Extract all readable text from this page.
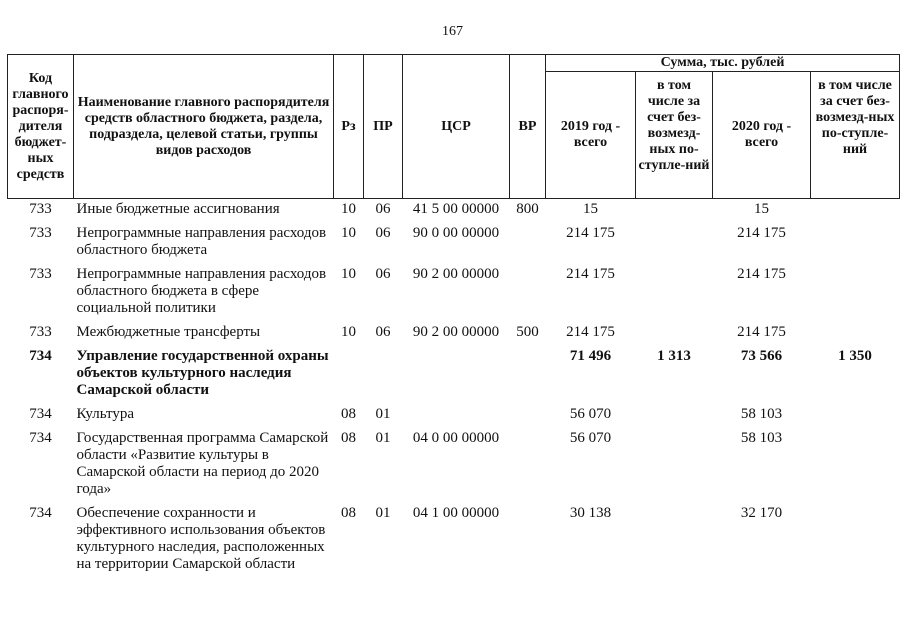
167
Код главного распоря-дителя бюджет-ных средств	Наименование главного распорядителя средств областного бюджета, раздела, подраздела, целевой статьи, группы видов расходов	Рз	ПР	ЦСР	ВР	Сумма, тыс. рублей			
						2019 год - всего	в том числе за счет без-возмезд-ных по-ступле-ний	2020 год - всего	в том числе за счет без-возмезд-ных по-ступле-ний
733	Иные бюджетные ассигнования	10	06	41 5 00 00000	800	15		15	
733	Непрограммные направления расходов областного бюджета	10	06	90 0 00 00000		214 175		214 175	
733	Непрограммные направления расходов областного бюджета в сфере социальной политики	10	06	90 2 00 00000		214 175		214 175	
733	Межбюджетные трансферты	10	06	90 2 00 00000	500	214 175		214 175	
734	Управление государственной охраны объектов культурного наследия Самарской области					71 496	1 313	73 566	1 350
734	Культура	08	01			56 070		58 103	
734	Государственная программа Самарской области «Развитие культуры в Самарской области на период до 2020 года»	08	01	04 0 00 00000		56 070		58 103	
734	Обеспечение сохранности и эффективного использования объектов культурного наследия, расположенных на территории Самарской области	08	01	04 1 00 00000		30 138		32 170	
